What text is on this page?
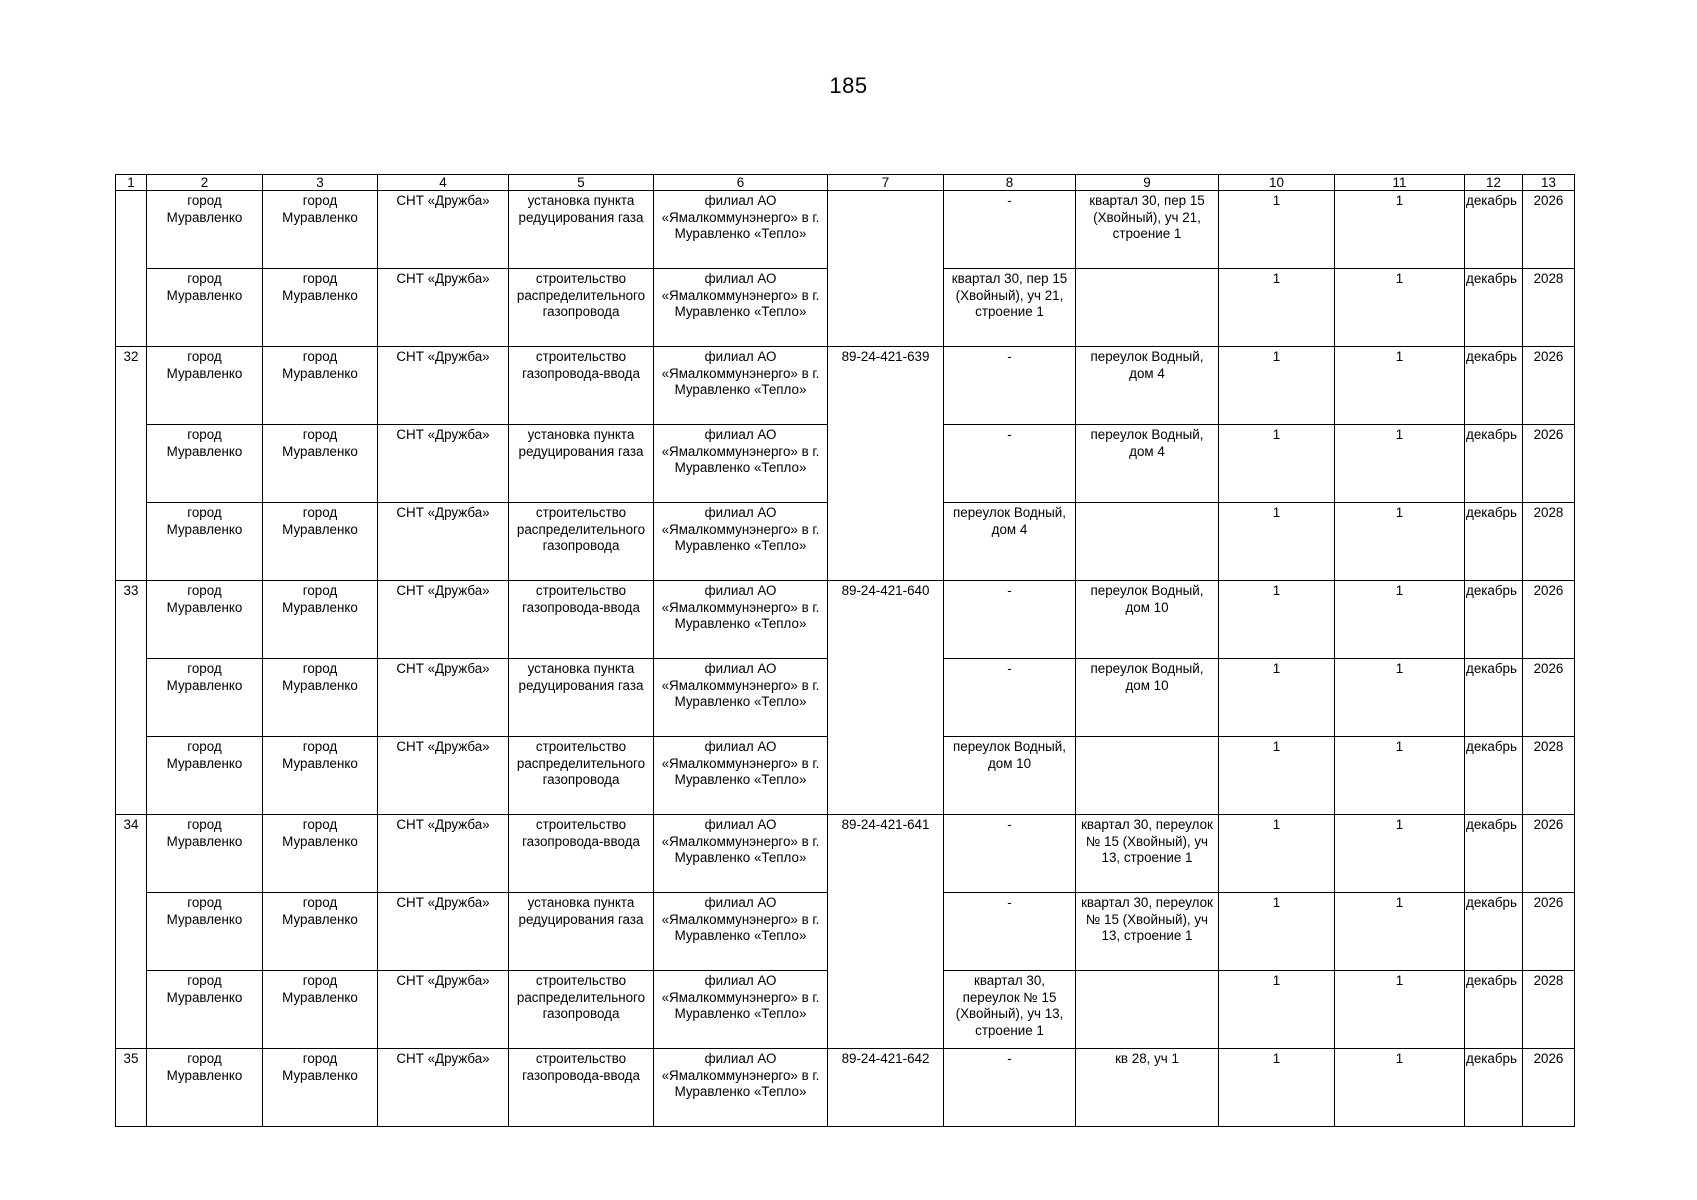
185
1	2	3	4	5	6	7	8	9	10	11	12	13
	город Муравленко	город Муравленко	СНТ «Дружба»	установка пункта редуцирования газа	филиал АО «Ямалкоммунэнерго» в г. Муравленко «Тепло»		-	квартал 30, пер 15 (Хвойный), уч 21, строение 1	1	1	декабрь	2026
	город Муравленко	город Муравленко	СНТ «Дружба»	строительство распределительного газопровода	филиал АО «Ямалкоммунэнерго» в г. Муравленко «Тепло»		квартал 30, пер 15 (Хвойный), уч 21, строение 1		1	1	декабрь	2028
32	город Муравленко	город Муравленко	СНТ «Дружба»	строительство газопровода-ввода	филиал АО «Ямалкоммунэнерго» в г. Муравленко «Тепло»	89-24-421-639	-	переулок Водный, дом 4	1	1	декабрь	2026
	город Муравленко	город Муравленко	СНТ «Дружба»	установка пункта редуцирования газа	филиал АО «Ямалкоммунэнерго» в г. Муравленко «Тепло»		-	переулок Водный, дом 4	1	1	декабрь	2026
	город Муравленко	город Муравленко	СНТ «Дружба»	строительство распределительного газопровода	филиал АО «Ямалкоммунэнерго» в г. Муравленко «Тепло»		переулок Водный, дом 4		1	1	декабрь	2028
33	город Муравленко	город Муравленко	СНТ «Дружба»	строительство газопровода-ввода	филиал АО «Ямалкоммунэнерго» в г. Муравленко «Тепло»	89-24-421-640	-	переулок Водный, дом 10	1	1	декабрь	2026
	город Муравленко	город Муравленко	СНТ «Дружба»	установка пункта редуцирования газа	филиал АО «Ямалкоммунэнерго» в г. Муравленко «Тепло»		-	переулок Водный, дом 10	1	1	декабрь	2026
	город Муравленко	город Муравленко	СНТ «Дружба»	строительство распределительного газопровода	филиал АО «Ямалкоммунэнерго» в г. Муравленко «Тепло»		переулок Водный, дом 10		1	1	декабрь	2028
34	город Муравленко	город Муравленко	СНТ «Дружба»	строительство газопровода-ввода	филиал АО «Ямалкоммунэнерго» в г. Муравленко «Тепло»	89-24-421-641	-	квартал 30, переулок № 15 (Хвойный), уч 13, строение 1	1	1	декабрь	2026
	город Муравленко	город Муравленко	СНТ «Дружба»	установка пункта редуцирования газа	филиал АО «Ямалкоммунэнерго» в г. Муравленко «Тепло»		-	квартал 30, переулок № 15 (Хвойный), уч 13, строение 1	1	1	декабрь	2026
	город Муравленко	город Муравленко	СНТ «Дружба»	строительство распределительного газопровода	филиал АО «Ямалкоммунэнерго» в г. Муравленко «Тепло»		квартал 30, переулок № 15 (Хвойный), уч 13, строение 1		1	1	декабрь	2028
35	город Муравленко	город Муравленко	СНТ «Дружба»	строительство газопровода-ввода	филиал АО «Ямалкоммунэнерго» в г. Муравленко «Тепло»	89-24-421-642	-	кв 28, уч 1	1	1	декабрь	2026
